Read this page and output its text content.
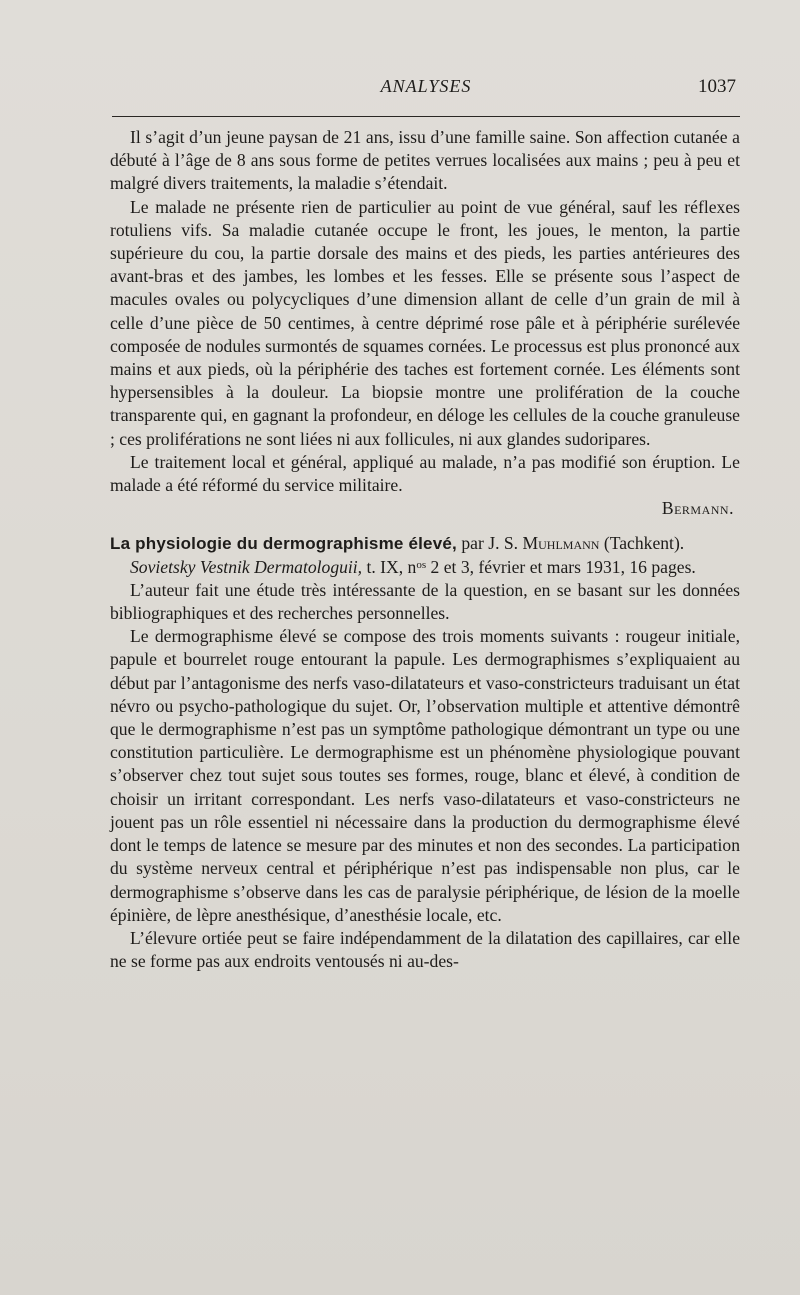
ANALYSES	1037

Il s’agit d’un jeune paysan de 21 ans, issu d’une famille saine. Son affection cutanée a débuté à l’âge de 8 ans sous forme de petites verrues localisées aux mains ; peu à peu et malgré divers traitements, la maladie s’étendait.

Le malade ne présente rien de particulier au point de vue général, sauf les réflexes rotuliens vifs. Sa maladie cutanée occupe le front, les joues, le menton, la partie supérieure du cou, la partie dorsale des mains et des pieds, les parties antérieures des avant-bras et des jambes, les lombes et les fesses. Elle se présente sous l’aspect de macules ovales ou polycycliques d’une dimension allant de celle d’un grain de mil à celle d’une pièce de 50 centimes, à centre déprimé rose pâle et à périphérie surélevée composée de nodules surmontés de squames cornées. Le processus est plus prononcé aux mains et aux pieds, où la périphérie des taches est fortement cornée. Les éléments sont hypersensibles à la douleur. La biopsie montre une prolifération de la couche transparente qui, en gagnant la profondeur, en déloge les cellules de la couche granuleuse ; ces proliférations ne sont liées ni aux follicules, ni aux glandes sudoripares.

Le traitement local et général, appliqué au malade, n’a pas modifié son éruption. Le malade a été réformé du service militaire.

Bermann.

La physiologie du dermographisme élevé, par J. S. Muhlmann (Tachkent).

Sovietsky Vestnik Dermatologuii, t. IX, $n^{os}$ 2 et 3, février et mars 1931, 16 pages.

L’auteur fait une étude très intéressante de la question, en se basant sur les données bibliographiques et des recherches personnelles.

Le dermographisme élevé se compose des trois moments suivants : rougeur initiale, papule et bourrelet rouge entourant la papule. Les dermographismes s’expliquaient au début par l’antagonisme des nerfs vaso-dilatateurs et vaso-constricteurs traduisant un état névro ou psycho-pathologique du sujet. Or, l’observation multiple et attentive démontrê que le dermographisme n’est pas un symptôme pathologique démontrant un type ou une constitution particulière. Le dermographisme est un phénomène physiologique pouvant s’observer chez tout sujet sous toutes ses formes, rouge, blanc et élevé, à condition de choisir un irritant correspondant. Les nerfs vaso-dilatateurs et vaso-constricteurs ne jouent pas un rôle essentiel ni nécessaire dans la production du dermographisme élevé dont le temps de latence se mesure par des minutes et non des secondes. La participation du système nerveux central et périphérique n’est pas indispensable non plus, car le dermographisme s’observe dans les cas de paralysie périphérique, de lésion de la moelle épinière, de lèpre anesthésique, d’anesthésie locale, etc.

L’élevure ortiée peut se faire indépendamment de la dilatation des capillaires, car elle ne se forme pas aux endroits ventousés ni au-des-
